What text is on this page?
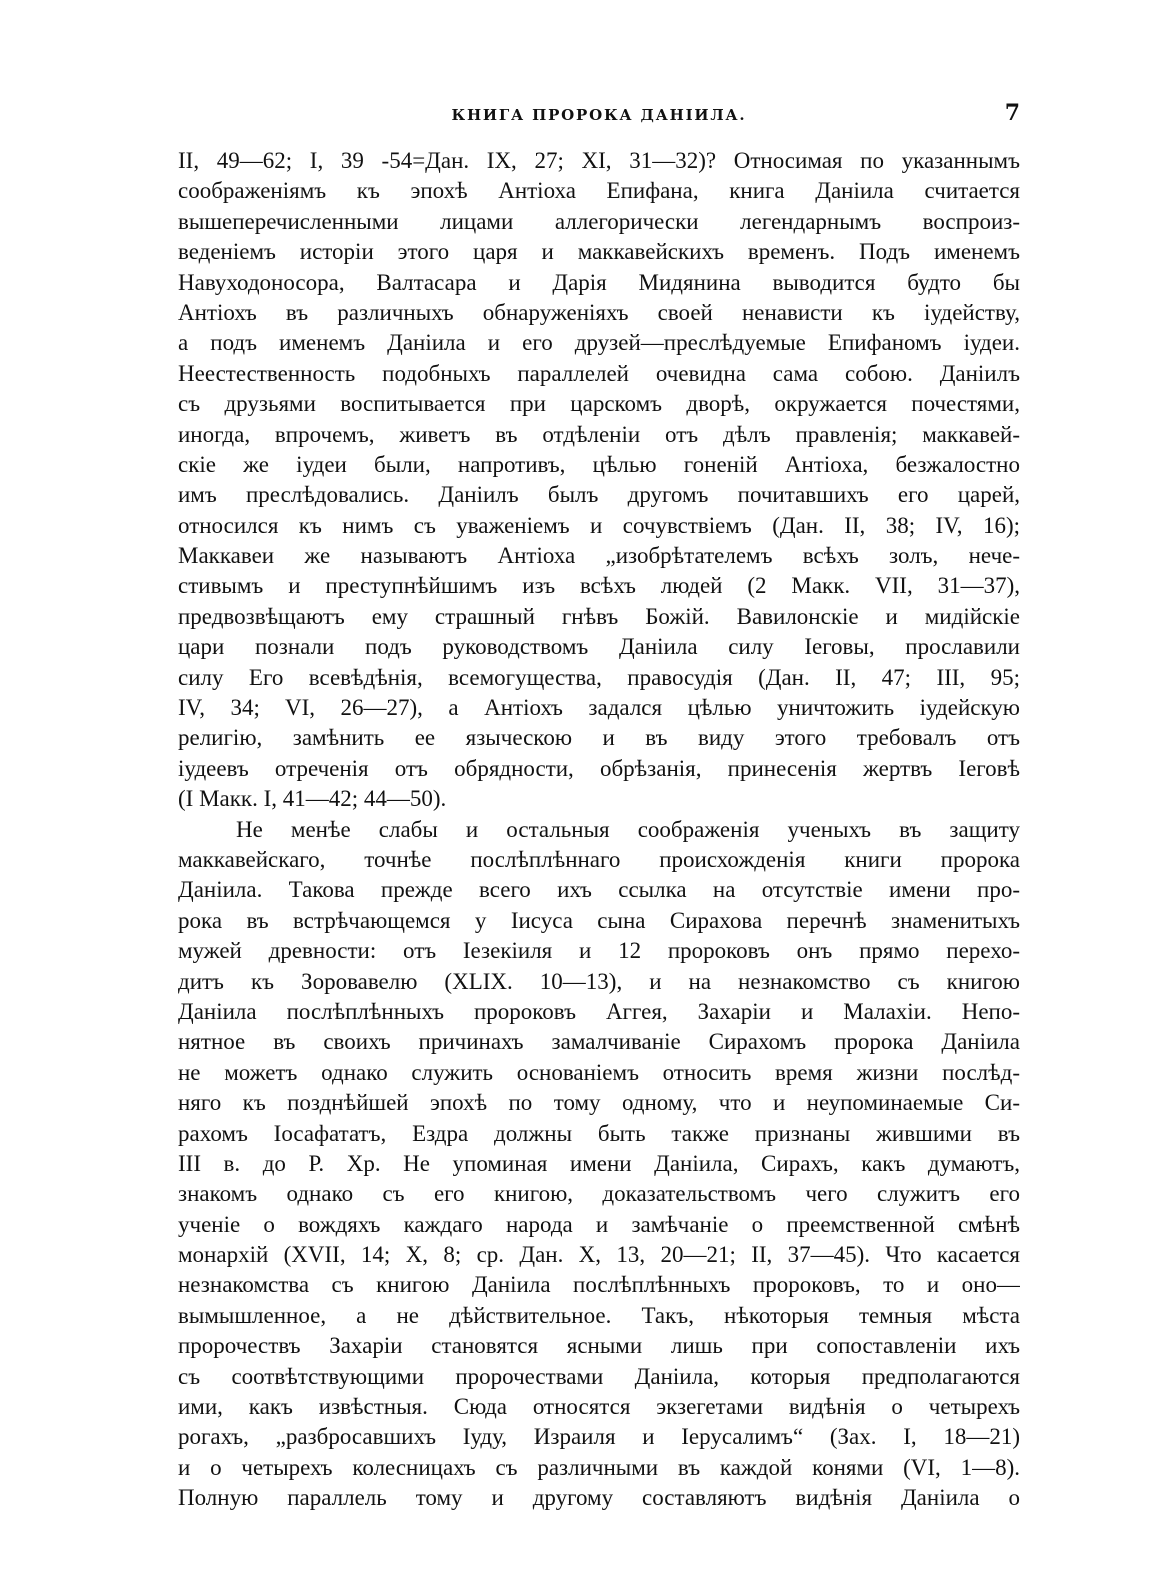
КНИГА ПРОРОКА ДАНІИЛА.	7
II, 49—62; I, 39 -54=Дан. IX, 27; XI, 31—32)? Относимая по указаннымъ
соображеніямъ къ эпохѣ Антіоха Епифана, книга Даніила считается
вышеперечисленными лицами аллегорически легендарнымъ воспроиз-
веденіемъ исторіи этого царя и маккавейскихъ временъ. Подъ именемъ
Навуходоносора, Валтасара и Дарія Мидянина выводится будто бы
Антіохъ въ различныхъ обнаруженіяхъ своей ненависти къ іудейству,
а подъ именемъ Даніила и его друзей—преслѣдуемые Епифаномъ іудеи.
Неестественность подобныхъ параллелей очевидна сама собою. Даніилъ
съ друзьями воспитывается при царскомъ дворѣ, окружается почестями,
иногда, впрочемъ, живетъ въ отдѣленіи отъ дѣлъ правленія; маккавей-
скіе же іудеи были, напротивъ, цѣлью гоненій Антіоха, безжалостно
имъ преслѣдовались. Даніилъ былъ другомъ почитавшихъ его царей,
относился къ нимъ съ уваженіемъ и сочувствіемъ (Дан. II, 38; IV, 16);
Маккавеи же называютъ Антіоха „изобрѣтателемъ всѣхъ золъ, нече-
стивымъ и преступнѣйшимъ изъ всѣхъ людей (2 Макк. VII, 31—37),
предвозвѣщаютъ ему страшный гнѣвъ Божій. Вавилонскіе и мидійскіе
цари познали подъ руководствомъ Даніила силу Іеговы, прославили
силу Его всевѣдѣнія, всемогущества, правосудія (Дан. II, 47; III, 95;
IV, 34; VI, 26—27), а Антіохъ задался цѣлью уничтожить іудейскую
религію, замѣнить ее языческою и въ виду этого требовалъ отъ
іудеевъ отреченія отъ обрядности, обрѣзанія, принесенія жертвъ Іеговѣ
(I Макк. I, 41—42; 44—50).
Не менѣе слабы и остальныя соображенія ученыхъ въ защиту
маккавейскаго, точнѣе послѣплѣннаго происхожденія книги пророка
Даніила. Такова прежде всего ихъ ссылка на отсутствіе имени про-
рока въ встрѣчающемся у Іисуса сына Сирахова перечнѣ знаменитыхъ
мужей древности: отъ Іезекіиля и 12 пророковъ онъ прямо перехо-
дитъ къ Зоровавелю (XLIX. 10—13), и на незнакомство съ книгою
Даніила послѣплѣнныхъ пророковъ Аггея, Захаріи и Малахіи. Непо-
нятное въ своихъ причинахъ замалчиваніе Сирахомъ пророка Даніила
не можетъ однако служить основаніемъ относить время жизни послѣд-
няго къ позднѣйшей эпохѣ по тому одному, что и неупоминаемые Си-
рахомъ Іосафататъ, Ездра должны быть также признаны жившими въ
III в. до Р. Хр. Не упоминая имени Даніила, Сирахъ, какъ думаютъ,
знакомъ однако съ его книгою, доказательствомъ чего служитъ его
ученіе о вождяхъ каждаго народа и замѣчаніе о преемственной смѣнѣ
монархій (XVII, 14; X, 8; ср. Дан. X, 13, 20—21; II, 37—45). Что касается
незнакомства съ книгою Даніила послѣплѣнныхъ пророковъ, то и оно—
вымышленное, а не дѣйствительное. Такъ, нѣкоторыя темныя мѣста
пророчествъ Захаріи становятся ясными лишь при сопоставленіи ихъ
съ соотвѣтствующими пророчествами Даніила, которыя предполагаются
ими, какъ извѣстныя. Сюда относятся экзегетами видѣнія о четырехъ
рогахъ, „разбросавшихъ Іуду, Израиля и Іерусалимъ“ (Зах. I, 18—21)
и о четырехъ колесницахъ съ различными въ каждой конями (VI, 1—8).
Полную параллель тому и другому составляютъ видѣнія Даніила о
